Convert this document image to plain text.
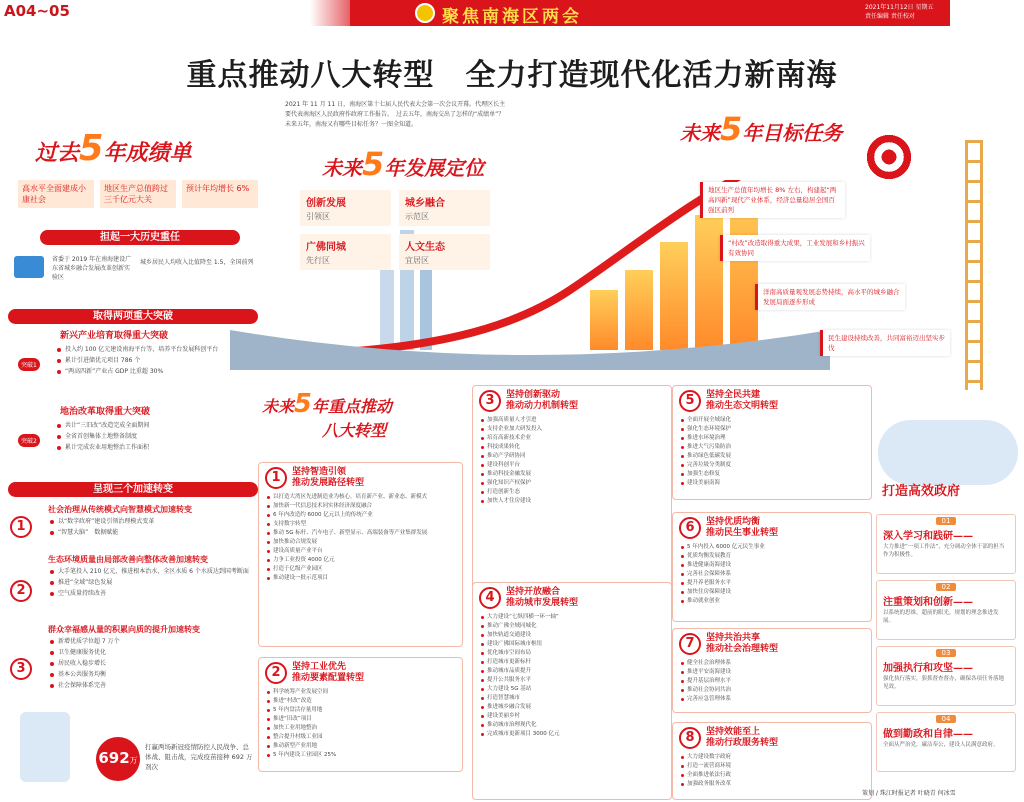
A04~05	聚焦南海区两会	2021年11月12日 星期五
责任编辑 责任校对	珠江时报
重点推动八大转型　全力打造现代化活力新南海
2021 年 11 月 11 日，南海区第十七届人民代表大会第一次会议开幕。代理区长主要代表南海区人民政府作政府工作报告。　过去五年，南海交出了怎样的“成绩单”？未来五年，南海又有哪些目标任务？一图全知道。
过去5年成绩单
高水平全面建成小康社会
地区生产总值跨过三千亿元大关
预计年均增长 6%
担起一大历史重任
省委于 2019 年在南海建设广东省城乡融合发展改革创新实验区
城乡居民人均收入比值降至 1.5，全国前列
取得两项重大突破
新兴产业培育取得重大突破
突破1
投入约 100 亿元建设南海平台等，培养平台发展科创平台
累计引进储优元项目 786 个
“两高四新”产业占 GDP 比重超 30%
地治改革取得重大突破
突破2
共计“三旧改”改造完成全面期间
全省首创集体土地整备制度
累计完成农业用地整治工作面积
呈现三个加速转变
1
社会治理从传统模式向智慧模式加速转变
以“数字政府”建设引领治理模式变革
“智慧大脑”　数据赋能
2
生态环境质量由局部改善向整体改善加速转变
大手笔投入 210 亿元，推进根本治水，全区水质 6 个水质达到国考断面
推进“全域”绿色发展
空气质量持续改善
3
群众幸福感从量的积累向质的提升加速转变
新增优质学位超 7 万个
卫生健康服务优化
居民收入稳步增长
基本公共服务均衡
社会保障体系完善
692万
打赢两场新冠疫情防控人民战争、总体战、阻击战，完成疫苗接种 692 万剂次
未来5年发展定位
创新发展
引领区
城乡融合
示范区
广佛同城
先行区
人文生态
宜居区
未来5年目标任务
地区生产总值年均增长 8% 左右，构建起“两高四新”现代产业体系，经济总量稳居全国百强区前列
“村改”改造取得重大成果，工业发展和乡村振兴有效协同
洋南高质量观发展态势持续，高水平的城乡融合发展局面逐步形成
民生建设持续改善，共同富裕迈出坚实步伐
未来5年重点推动
八大转型
1	坚持智造引领
推动发展路径转型
以打造大湾区先进制造业为核心，培育新产业、新业态、新模式
加快新一代信息技术同实体经济深度融合
6 年内改造约 6000 亿元以上的传统产业
支持数字转型
推动 5G 标杆、汽车电子、新型显示、高端装备等产业集群发展
加快推动合规发展
建设高质量产业平台
力争工业投资 4000 亿元
打造千亿级产业园区
推动建设一批示范项目
2	坚持工业优先
推动要素配置转型
科学统筹产业发展空间
推进“村改”改造
5 年内盘活存量用地
推进“旧改”项目
加快工业用地整治
整合提升村级工业园
推动新型产业用地
5 年内建设工业园区 25%
3	坚持创新驱动
推动动力机制转型
加强高质量人才引进
支持企业加大研发投入
培育高新技术企业
科技成果转化
推动产学研协同
建设科创平台
推动科技金融发展
强化知识产权保护
打造创新生态
加快人才住房建设
4	坚持开放融合
推动城市发展转型
大力建设“七纵四横一环一轴”
推动广佛全域同城化
加快轨道交通建设
建设广佛国际城市枢纽
优化城市空间布局
打造城市更新标杆
推动城市品质提升
提升公共服务水平
大力建设 5G 基站
打造智慧城市
推进城乡融合发展
建设美丽乡村
推动城市治理现代化
完成城市更新项目 3000 亿元
5	坚持全民共建
推动生态文明转型
全面开展全域绿化
强化生态环境保护
推进水环境治理
推进大气污染防治
推动绿色低碳发展
完善垃圾分类制度
加强生态修复
建设美丽南海
6	坚持优质均衡
推动民生事业转型
5 年内投入 6000 亿元民生事业
优质均衡发展教育
推进健康南海建设
完善社会保障体系
提升养老服务水平
加快住房保障建设
推动就业创业
7	坚持共治共享
推动社会治理转型
健全社会治理体系
推进平安南海建设
提升基层治理水平
推动社会协同共治
完善应急管理体系
8	坚持效能至上
推动行政服务转型
大力建设数字政府
打造一流营商环境
全面推进依法行政
加强政务服务改革
打造高效政府
01
深入学习和践研——
大力推进“一项工作法”，充分调动全体干部的担当作为积极性。
02
注重策划和创新——
以系统的思维，超前的眼光，规划的理念推进发展。
03
加强执行和攻坚——
强化执行落实，狠抓督查督办，确保各项任务落地见效。
04
做到勤政和自律——
全面从严治党，廉洁奉公，建设人民满意政府。
策划 / 珠江时报记者 叶晓青 何冰雪
